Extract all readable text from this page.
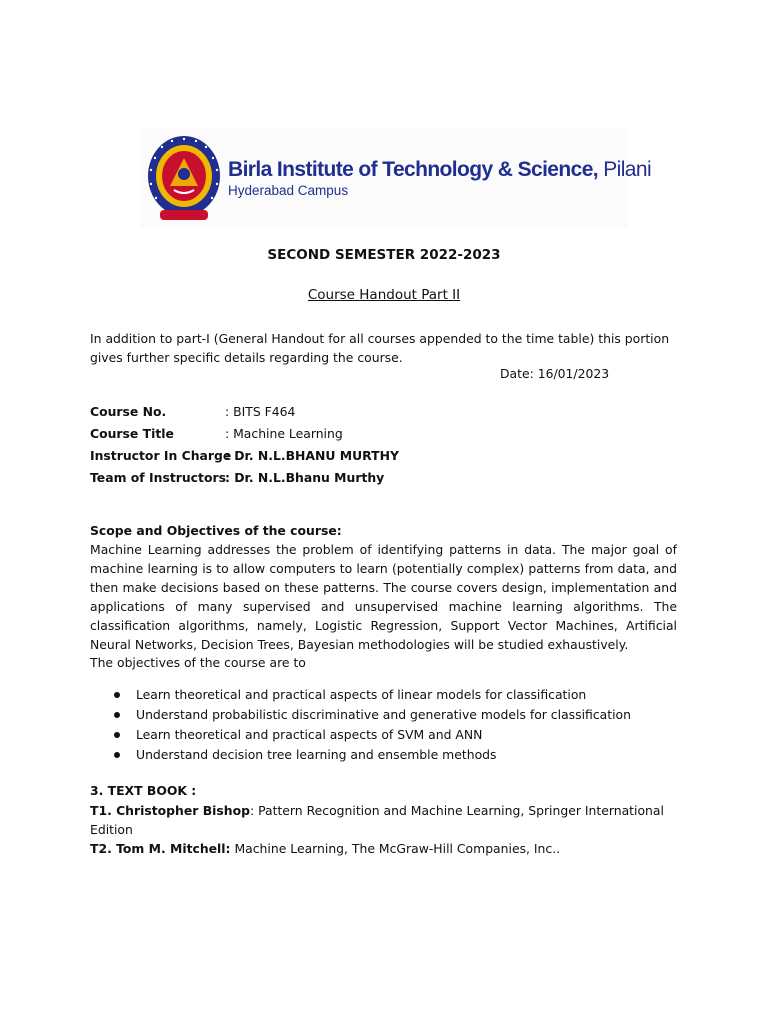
Birla Institute of Technology & Science, Pilani
Hyderabad Campus
SECOND SEMESTER 2022-2023
Course Handout Part II
In addition to part-I (General Handout for all courses appended to the time table) this portion gives further specific details regarding the course.
Date: 16/01/2023
Course No.	: BITS F464
Course Title	: Machine Learning
Instructor In Charge
: Dr. N.L.BHANU MURTHY
Team of Instructors : Dr. N.L.Bhanu Murthy
Scope and Objectives of the course:
Machine Learning addresses the problem of identifying patterns in data. The major goal of machine learning is to allow computers to learn (potentially complex) patterns from data, and then make decisions based on these patterns. The course covers design, implementation and applications of many supervised and unsupervised machine learning algorithms. The classification algorithms, namely, Logistic Regression, Support Vector Machines, Artificial Neural Networks, Decision Trees, Bayesian methodologies will be studied exhaustively.
The objectives of the course are to
Learn theoretical and practical aspects of linear models for classification
Understand probabilistic discriminative and generative models for classification
Learn theoretical and practical aspects of SVM and ANN
Understand decision tree learning and ensemble methods
3. TEXT BOOK :
T1. Christopher Bishop: Pattern Recognition and Machine Learning, Springer International Edition
T2. Tom M. Mitchell: Machine Learning, The McGraw-Hill Companies, Inc..
